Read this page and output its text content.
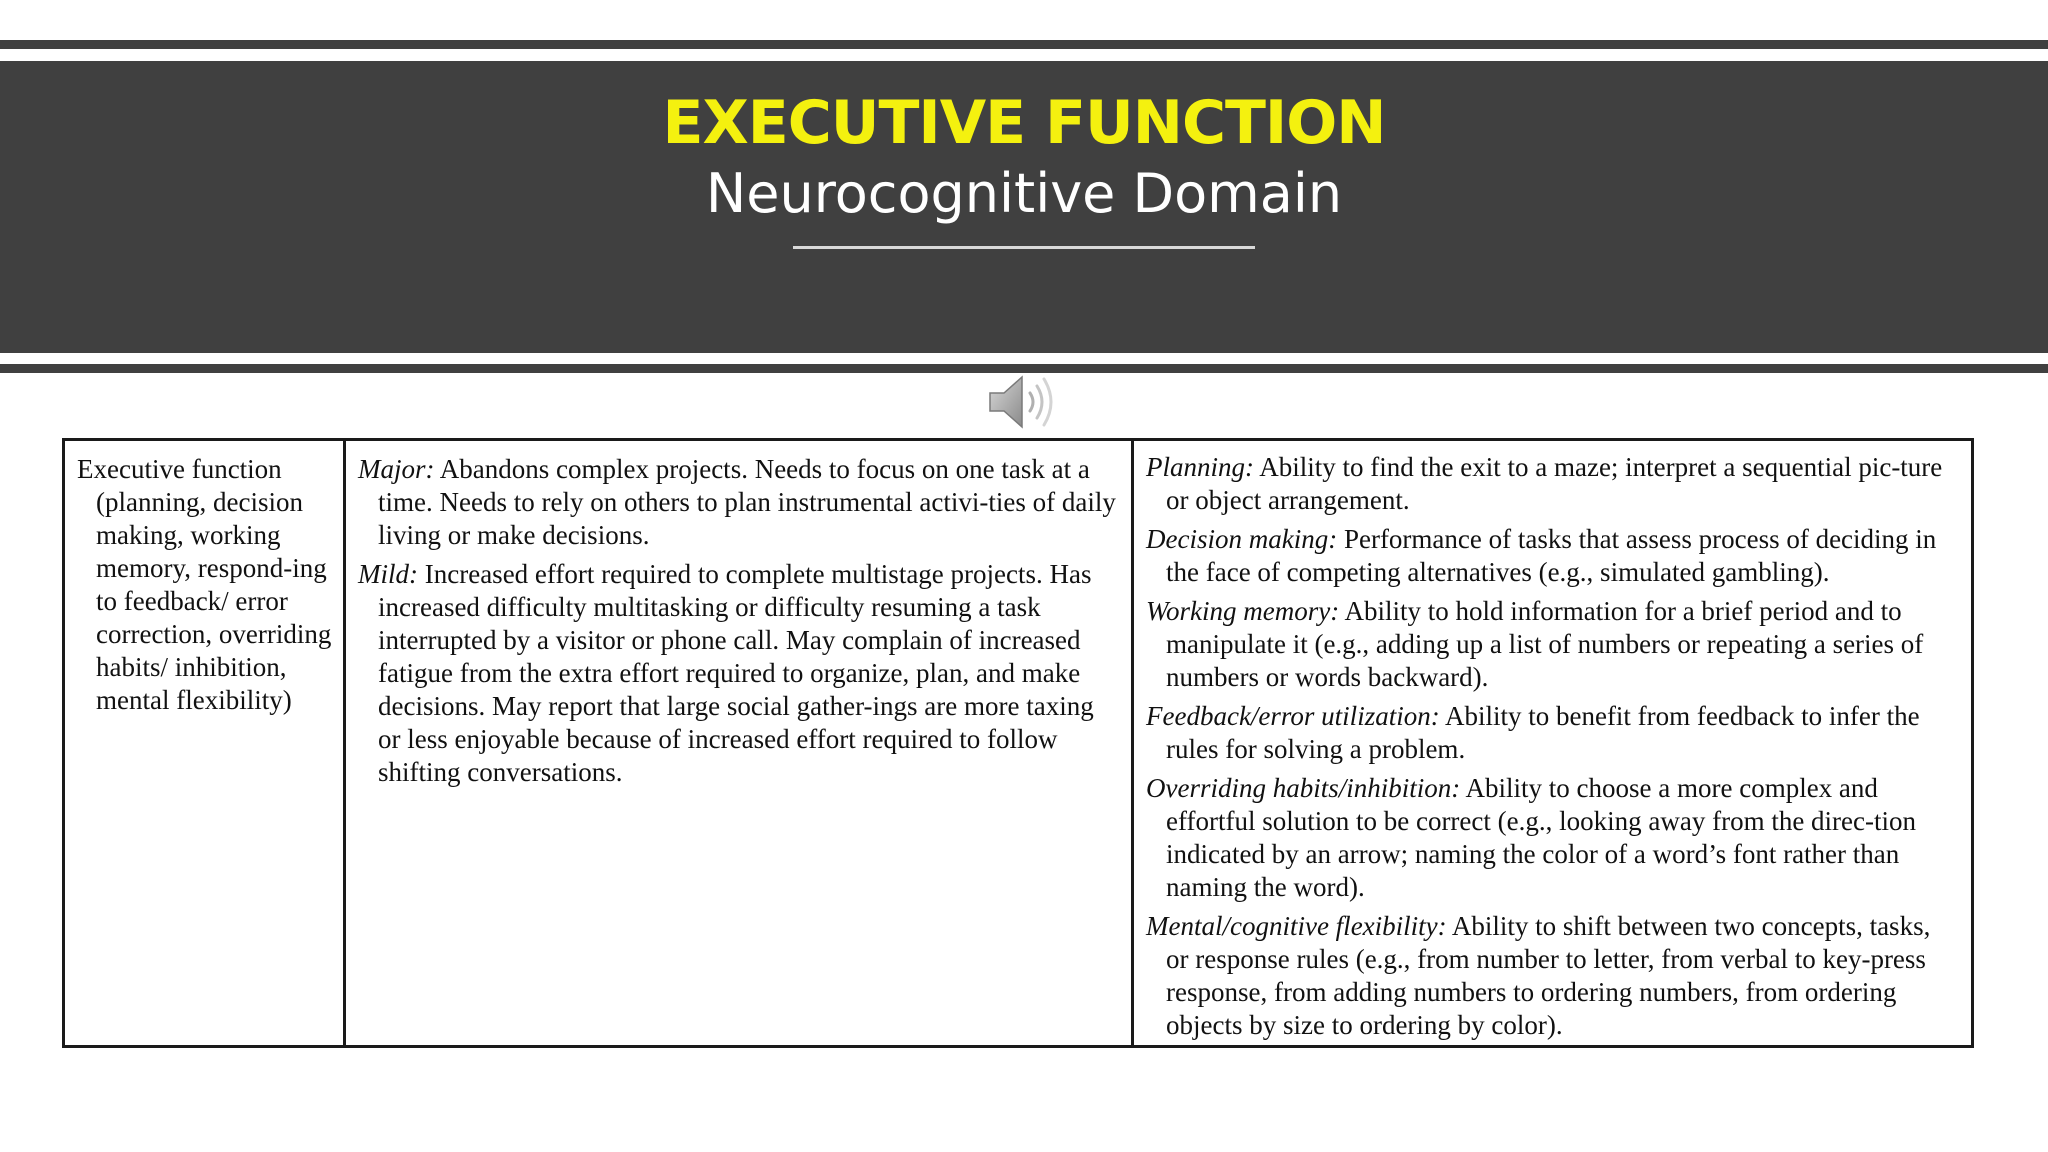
EXECUTIVE FUNCTION
Neurocognitive Domain

Executive function

(planning, decision making, working memory, respond-ing to feedback/ error correction, overriding habits/ inhibition, mental flexibility)

Major: Abandons complex projects. Needs to focus on one task at a time. Needs to rely on others to plan instrumental activi-ties of daily living or make decisions.

Mild: Increased effort required to complete multistage projects. Has increased difficulty multitasking or difficulty resuming a task interrupted by a visitor or phone call. May complain of increased fatigue from the extra effort required to organize, plan, and make decisions. May report that large social gather-ings are more taxing or less enjoyable because of increased effort required to follow shifting conversations.

Planning: Ability to find the exit to a maze; interpret a sequential pic-ture or object arrangement.

Decision making: Performance of tasks that assess process of deciding in the face of competing alternatives (e.g., simulated gambling).

Working memory: Ability to hold information for a brief period and to manipulate it (e.g., adding up a list of numbers or repeating a series of numbers or words backward).

Feedback/error utilization: Ability to benefit from feedback to infer the rules for solving a problem.

Overriding habits/inhibition: Ability to choose a more complex and effortful solution to be correct (e.g., looking away from the direc-tion indicated by an arrow; naming the color of a word’s font rather than naming the word).

Mental/cognitive flexibility: Ability to shift between two concepts, tasks, or response rules (e.g., from number to letter, from verbal to key-press response, from adding numbers to ordering numbers, from ordering objects by size to ordering by color).
